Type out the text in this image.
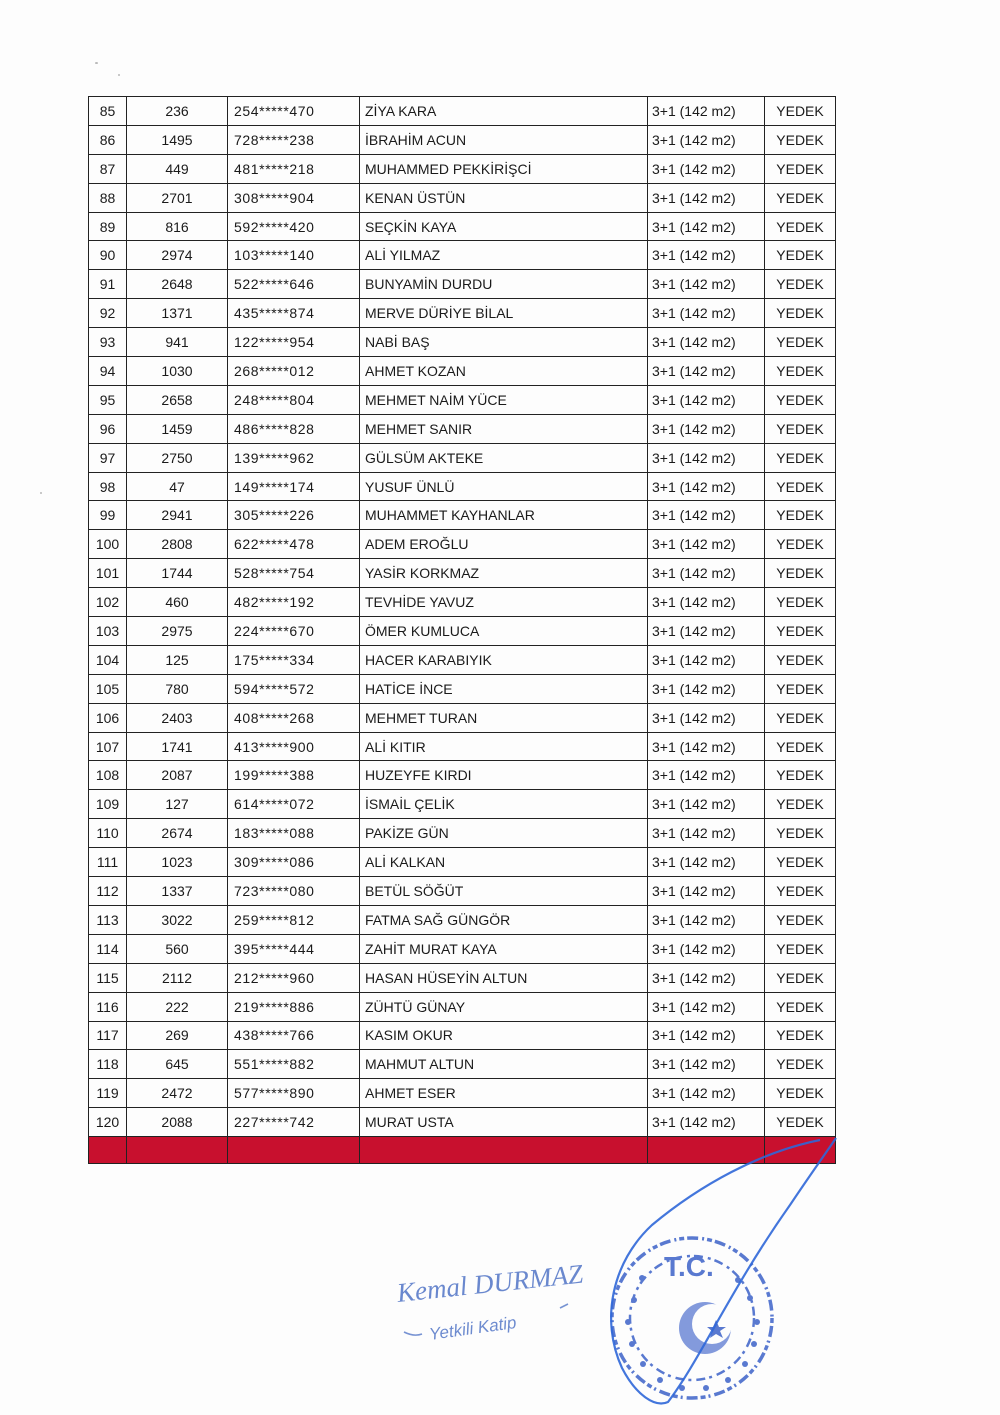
85	236	254*****470	ZİYA KARA	3+1 (142 m2)	YEDEK
86	1495	728*****238	İBRAHİM ACUN	3+1 (142 m2)	YEDEK
87	449	481*****218	MUHAMMED PEKKİRİŞCİ	3+1 (142 m2)	YEDEK
88	2701	308*****904	KENAN ÜSTÜN	3+1 (142 m2)	YEDEK
89	816	592*****420	SEÇKİN KAYA	3+1 (142 m2)	YEDEK
90	2974	103*****140	ALİ YILMAZ	3+1 (142 m2)	YEDEK
91	2648	522*****646	BUNYAMİN DURDU	3+1 (142 m2)	YEDEK
92	1371	435*****874	MERVE DÜRİYE BİLAL	3+1 (142 m2)	YEDEK
93	941	122*****954	NABİ BAŞ	3+1 (142 m2)	YEDEK
94	1030	268*****012	AHMET KOZAN	3+1 (142 m2)	YEDEK
95	2658	248*****804	MEHMET NAİM YÜCE	3+1 (142 m2)	YEDEK
96	1459	486*****828	MEHMET SANIR	3+1 (142 m2)	YEDEK
97	2750	139*****962	GÜLSÜM AKTEKE	3+1 (142 m2)	YEDEK
98	47	149*****174	YUSUF ÜNLÜ	3+1 (142 m2)	YEDEK
99	2941	305*****226	MUHAMMET KAYHANLAR	3+1 (142 m2)	YEDEK
100	2808	622*****478	ADEM EROĞLU	3+1 (142 m2)	YEDEK
101	1744	528*****754	YASİR KORKMAZ	3+1 (142 m2)	YEDEK
102	460	482*****192	TEVHİDE YAVUZ	3+1 (142 m2)	YEDEK
103	2975	224*****670	ÖMER KUMLUCA	3+1 (142 m2)	YEDEK
104	125	175*****334	HACER KARABIYIK	3+1 (142 m2)	YEDEK
105	780	594*****572	HATİCE İNCE	3+1 (142 m2)	YEDEK
106	2403	408*****268	MEHMET TURAN	3+1 (142 m2)	YEDEK
107	1741	413*****900	ALİ KITIR	3+1 (142 m2)	YEDEK
108	2087	199*****388	HUZEYFE KIRDI	3+1 (142 m2)	YEDEK
109	127	614*****072	İSMAİL ÇELİK	3+1 (142 m2)	YEDEK
110	2674	183*****088	PAKİZE GÜN	3+1 (142 m2)	YEDEK
111	1023	309*****086	ALİ KALKAN	3+1 (142 m2)	YEDEK
112	1337	723*****080	BETÜL SÖĞÜT	3+1 (142 m2)	YEDEK
113	3022	259*****812	FATMA SAĞ GÜNGÖR	3+1 (142 m2)	YEDEK
114	560	395*****444	ZAHİT MURAT KAYA	3+1 (142 m2)	YEDEK
115	2112	212*****960	HASAN HÜSEYİN ALTUN	3+1 (142 m2)	YEDEK
116	222	219*****886	ZÜHTÜ GÜNAY	3+1 (142 m2)	YEDEK
117	269	438*****766	KASIM OKUR	3+1 (142 m2)	YEDEK
118	645	551*****882	MAHMUT ALTUN	3+1 (142 m2)	YEDEK
119	2472	577*****890	AHMET ESER	3+1 (142 m2)	YEDEK
120	2088	227*****742	MURAT USTA	3+1 (142 m2)	YEDEK

Kemal DURMAZ
Yetkili Katip
T.C.
